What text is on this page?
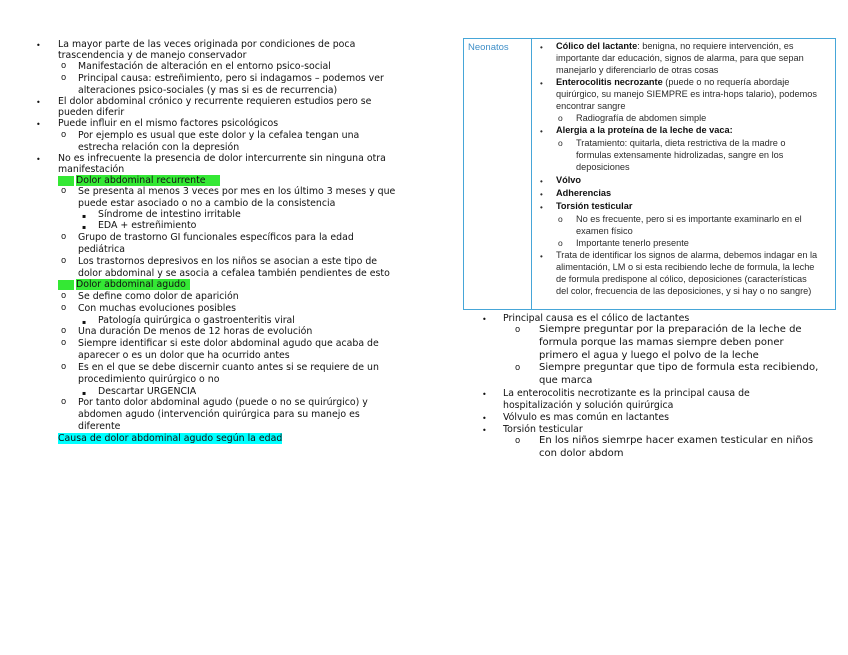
• La mayor parte de las veces originada por condiciones de poca
trascendencia y de manejo conservador
o Manifestación de alteración en el entorno psico-social
o Principal causa: estreñimiento, pero si indagamos – podemos ver
alteraciones psico-sociales (y mas si es de recurrencia)
• El dolor abdominal crónico y recurrente requieren estudios pero se
pueden diferir
• Puede influir en el mismo factores psicológicos
o Por ejemplo es usual que este dolor y la cefalea tengan una
estrecha relación con la depresión
• No es infrecuente la presencia de dolor intercurrente sin ninguna otra
manifestación
Dolor abdominal recurrente
o Se presenta al menos 3 veces por mes en los último 3 meses y que
puede estar asociado o no a cambio de la consistencia
▪ Síndrome de intestino irritable
▪ EDA + estreñimiento
o Grupo de trastorno GI funcionales específicos para la edad
pediátrica
o Los trastornos depresivos en los niños se asocian a este tipo de
dolor abdominal y se asocia a cefalea también pendientes de esto
Dolor abdominal agudo
o Se define como dolor de aparición
o Con muchas evoluciones posibles
▪ Patología quirúrgica o gastroenteritis viral
o Una duración De menos de 12 horas de evolución
o Siempre identificar si este dolor abdominal agudo que acaba de
aparecer o es un dolor que ha ocurrido antes
o Es en el que se debe discernir cuanto antes si se requiere de un
procedimiento quirúrgico o no
▪ Descartar URGENCIA
o Por tanto dolor abdominal agudo (puede o no se quirúrgico) y
abdomen agudo (intervención quirúrgica para su manejo es
diferente
Causa de dolor abdominal agudo según la edad
Neonatos	• Cólico del lactante: benigna, no requiere intervención, es
importante dar educación, signos de alarma, para que sepan
manejarlo y diferenciarlo de otras cosas
• Enterocolitis necrozante (puede o no requería abordaje
quirúrgico, su manejo SIEMPRE es intra-hops talario), podemos
encontrar sangre
o Radiografía de abdomen simple
• Alergia a la proteína de la leche de vaca:
o Tratamiento: quitarla, dieta restrictiva de la madre o
formulas extensamente hidrolizadas, sangre en los
deposiciones
• Vólvo
• Adherencias
• Torsión testicular
o No es frecuente, pero si es importante examinarlo en el
examen físico
o Importante tenerlo presente
• Trata de identificar los signos de alarma, debemos indagar en la
alimentación, LM o si esta recibiendo leche de formula, la leche
de formula predispone al cólico, deposiciones (características
del color, frecuencia de las deposiciones, y si hay o no sangre)
• Principal causa es el cólico de lactantes
o Siempre preguntar por la preparación de la leche de
formula porque las mamas siempre deben poner
primero el agua y luego el polvo de la leche
o Siempre preguntar que tipo de formula esta recibiendo,
que marca
• La enterocolitis necrotizante es la principal causa de
hospitalización y solución quirúrgica
• Vólvulo es mas común en lactantes
• Torsión testicular
o En los niños siemrpe hacer examen testicular en niños
con dolor abdom
